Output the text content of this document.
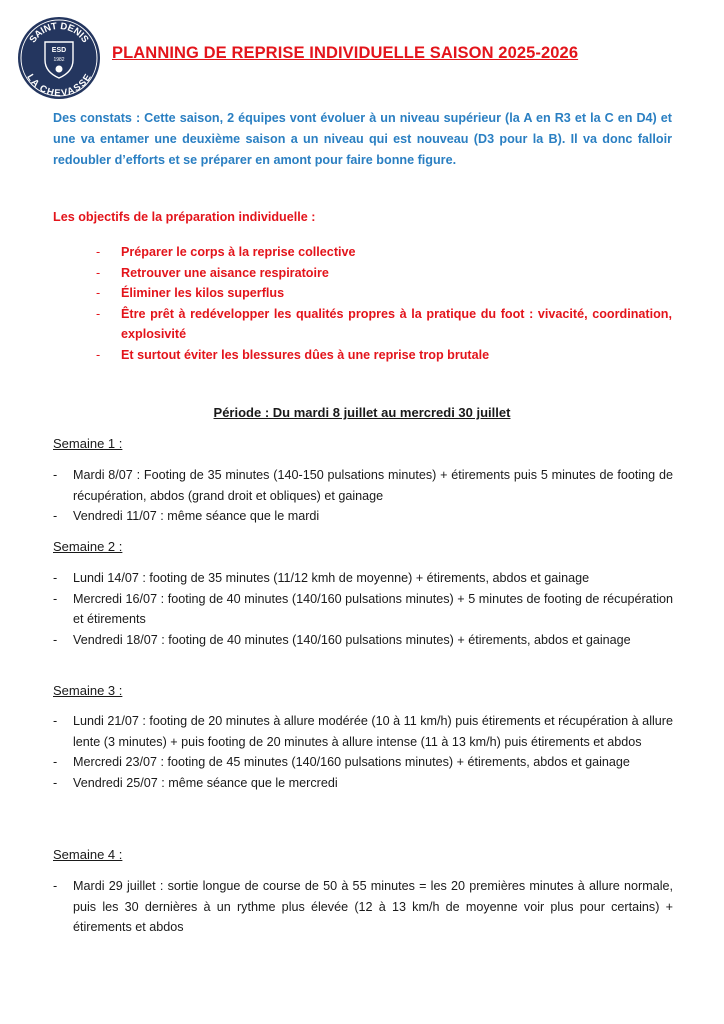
SAINT DENIS
LA CHEVASSE
ESD
1982	PLANNING DE REPRISE INDIVIDUELLE SAISON 2025-2026
Des constats : Cette saison, 2 équipes vont évoluer à un niveau supérieur (la A en R3 et la C en D4) et une va entamer une deuxième saison a un niveau qui est nouveau (D3 pour la B). Il va donc falloir redoubler d’efforts et se préparer en amont pour faire bonne figure.
Les objectifs de la préparation individuelle :
- Préparer le corps à la reprise collective
- Retrouver une aisance respiratoire
- Éliminer les kilos superflus
- Être prêt à redévelopper les qualités propres à la pratique du foot : vivacité, coordination, explosivité
- Et surtout éviter les blessures dûes à une reprise trop brutale
Période : Du mardi 8 juillet au mercredi 30 juillet
Semaine 1 :
- Mardi 8/07 : Footing de 35 minutes (140-150 pulsations minutes) + étirements puis 5 minutes de footing de récupération, abdos (grand droit et obliques) et gainage
- Vendredi 11/07 : même séance que le mardi
Semaine 2 :
- Lundi 14/07 : footing de 35 minutes (11/12 kmh de moyenne) + étirements, abdos et gainage
- Mercredi 16/07 : footing de 40 minutes (140/160 pulsations minutes) + 5 minutes de footing de récupération et étirements
- Vendredi 18/07 : footing de 40 minutes (140/160 pulsations minutes) + étirements, abdos et gainage
Semaine 3 :
- Lundi 21/07 : footing de 20 minutes à allure modérée (10 à 11 km/h) puis étirements et récupération à allure lente (3 minutes) + puis footing de 20 minutes à allure intense (11 à 13 km/h) puis étirements et abdos
- Mercredi 23/07 : footing de 45 minutes (140/160 pulsations minutes) + étirements, abdos et gainage
- Vendredi 25/07 : même séance que le mercredi
Semaine 4 :
- Mardi 29 juillet : sortie longue de course de 50 à 55 minutes = les 20 premières minutes à allure normale, puis les 30 dernières à un rythme plus élevée (12 à 13 km/h de moyenne voir plus pour certains) + étirements et abdos
